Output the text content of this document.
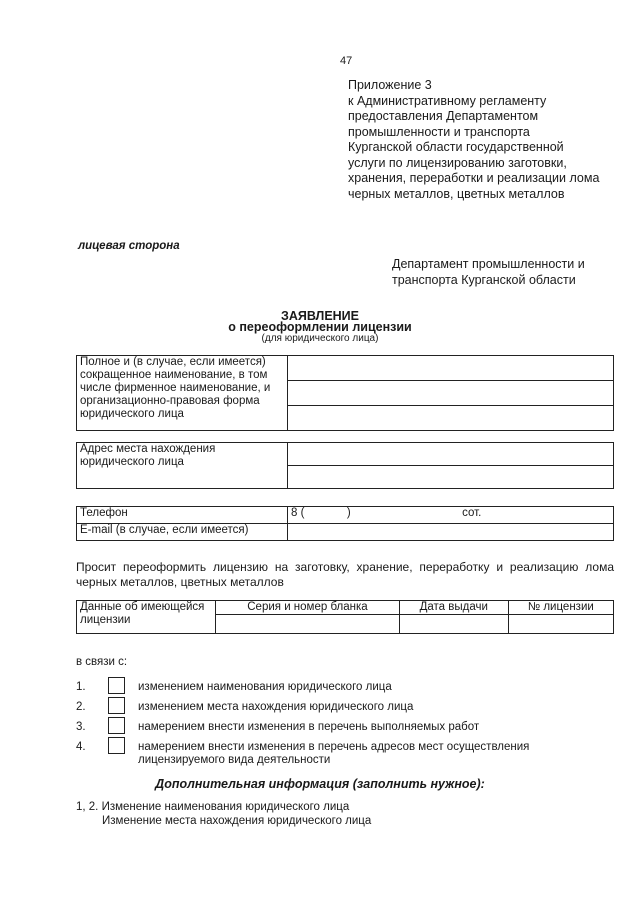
47
Приложение 3
к Административному регламенту
предоставления Департаментом
промышленности и транспорта
Курганской области государственной
услуги по лицензированию заготовки,
хранения, переработки и реализации лома
черных металлов, цветных металлов
лицевая сторона
Департамент промышленности и
транспорта Курганской области
ЗАЯВЛЕНИЕ
о переоформлении лицензии
(для юридического лица)
Полное и (в случае, если имеется)
сокращенное наименование, в том
числе фирменное наименование, и
организационно-правовая форма
юридического лица

Адрес места нахождения
юридического лица

Телефон	8 ( ) сот.
E-mail (в случае, если имеется)	
Просит переоформить лицензию на заготовку, хранение, переработку и реализацию лома черных металлов, цветных металлов
Данные об имеющейся лицензии	Серия и номер бланка	Дата выдачи	№ лицензии

в связи с:
1.	изменением наименования юридического лица
2.	изменением места нахождения юридического лица
3.	намерением внести изменения в перечень выполняемых работ
4.	намерением внести изменения в перечень адресов мест осуществления лицензируемого вида деятельности
Дополнительная информация (заполнить нужное):
1, 2. Изменение наименования юридического лица
Изменение места нахождения юридического лица
